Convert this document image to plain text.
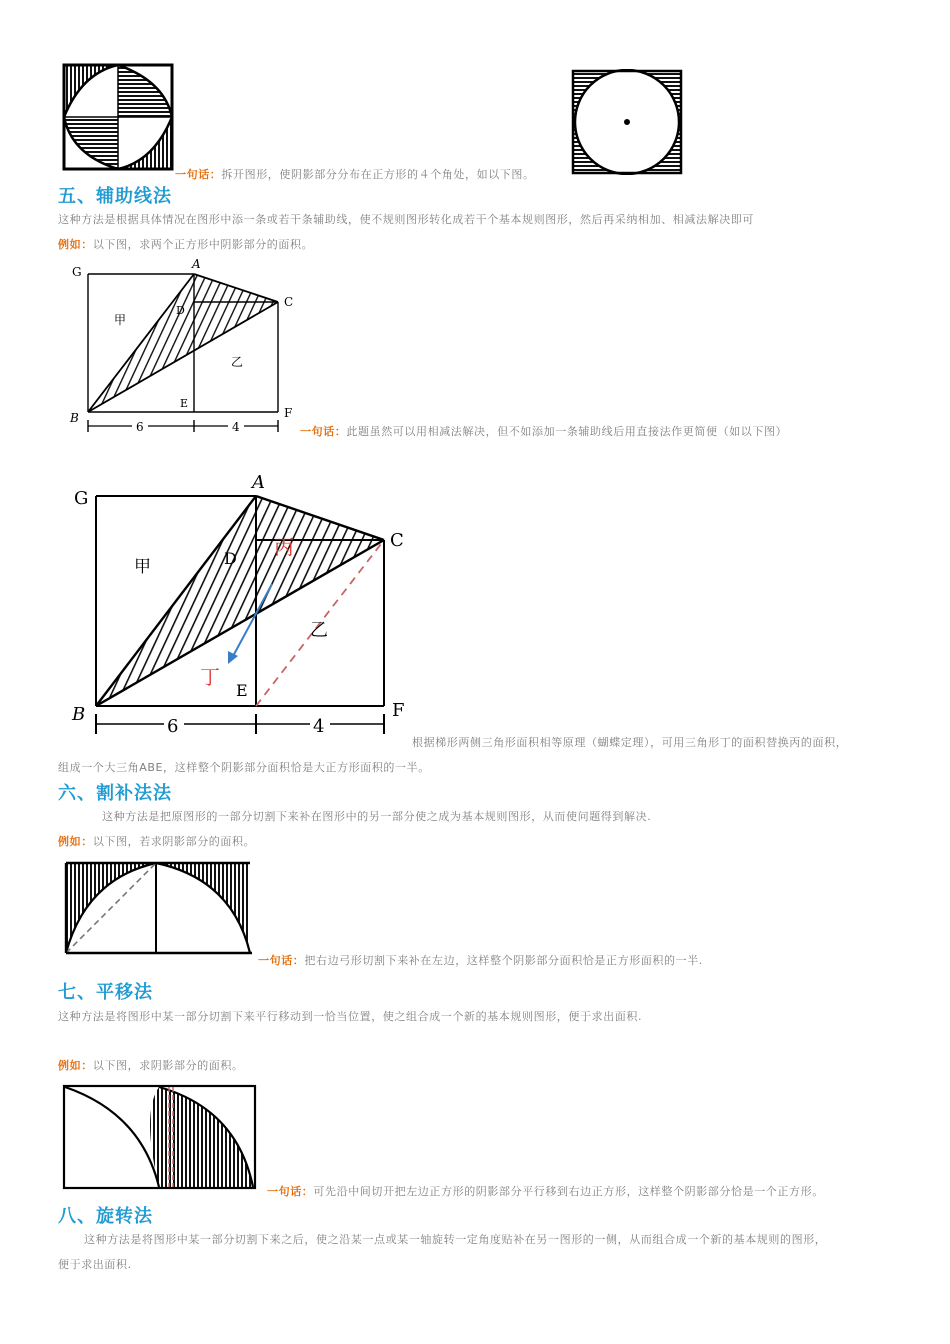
一句话：拆开图形，使阴影部分分布在正方形的４个角处，如以下图。
五、辅助线法
这种方法是根据具体情况在图形中添一条或若干条辅助线，使不规则图形转化成若干个基本规则图形，然后再采纳相加、相减法解决即可
例如：以下图，求两个正方形中阴影部分的面积。
G
A
C
D
甲
乙
B
E
F
6	4	一句话：此题虽然可以用相减法解决，但不如添加一条辅助线后用直接法作更简便（如以下图）
G
A
C
D
甲
乙
丙
丁
B
E
F
6	4
根据梯形两侧三角形面积相等原理（蝴蝶定理），可用三角形丁的面积替换丙的面积，
组成一个大三角ABE，这样整个阴影部分面积恰是大正方形面积的一半。
六、割补法法
这种方法是把原图形的一部分切割下来补在图形中的另一部分使之成为基本规则图形，从而使问题得到解决.
例如：以下图，若求阴影部分的面积。
一句话：把右边弓形切割下来补在左边，这样整个阴影部分面积恰是正方形面积的一半.
七、平移法
这种方法是将图形中某一部分切割下来平行移动到一恰当位置，使之组合成一个新的基本规则图形，便于求出面积.
例如：以下图，求阴影部分的面积。
一句话：可先沿中间切开把左边正方形的阴影部分平行移到右边正方形，这样整个阴影部分恰是一个正方形。
八、旋转法
这种方法是将图形中某一部分切割下来之后，使之沿某一点或某一轴旋转一定角度贴补在另一图形的一侧，从而组合成一个新的基本规则的图形，
便于求出面积.
